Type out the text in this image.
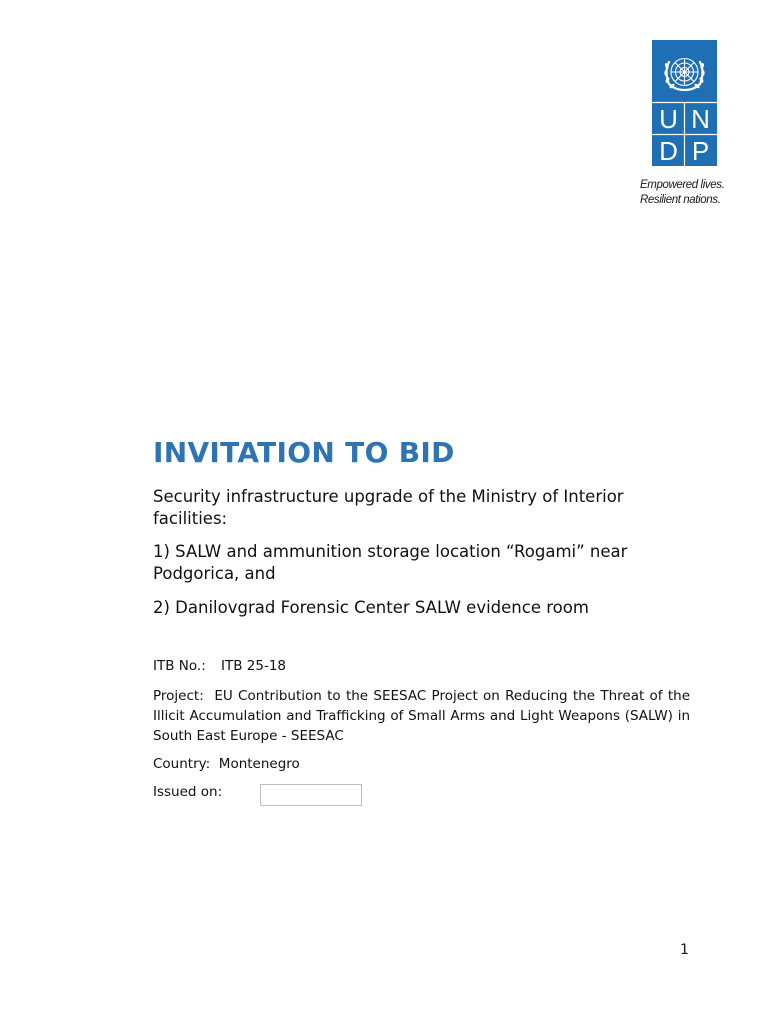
U N
D P
Empowered lives.
Resilient nations.
INVITATION TO BID
Security infrastructure upgrade of the Ministry of Interior facilities:
1) SALW and ammunition storage location “Rogami” near Podgorica, and
2) Danilovgrad Forensic Center SALW evidence room
ITB No.: ITB 25-18
Project: EU Contribution to the SEESAC Project on Reducing the Threat of the Illicit Accumulation and Trafficking of Small Arms and Light Weapons (SALW) in South East Europe - SEESAC
Country: Montenegro
Issued on:
1
